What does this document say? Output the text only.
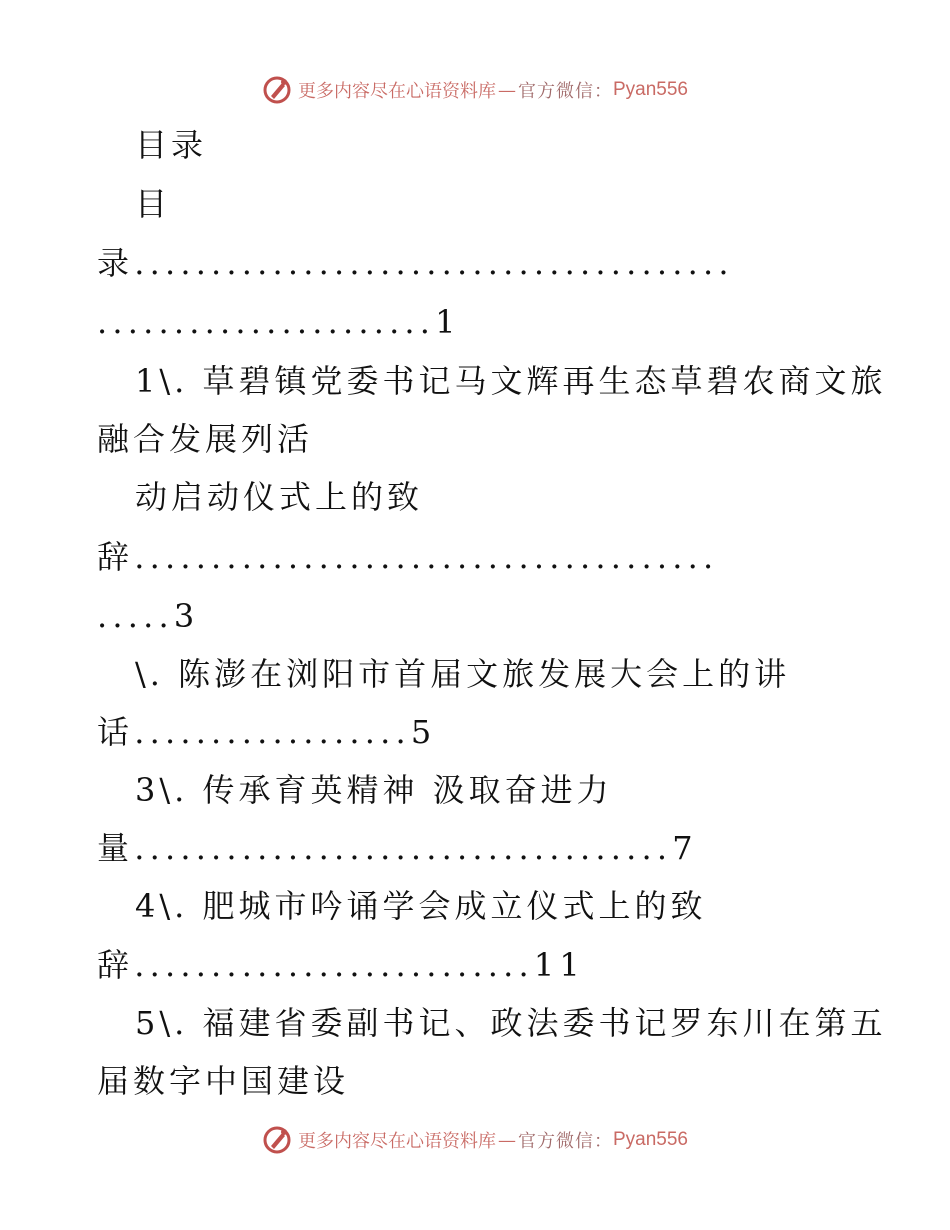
更多内容尽在心语资料库 — 官方微信： Pyan556
目录
目
录.......................................
......................1
1\. 草碧镇党委书记马文辉再生态草碧农商文旅
融合发展列活
动启动仪式上的致
辞......................................
.....3
\. 陈澎在浏阳市首届文旅发展大会上的讲
话..................5
3\. 传承育英精神 汲取奋进力
量...................................7
4\. 肥城市吟诵学会成立仪式上的致
辞..........................11
5\. 福建省委副书记、政法委书记罗东川在第五
届数字中国建设
更多内容尽在心语资料库 — 官方微信： Pyan556
